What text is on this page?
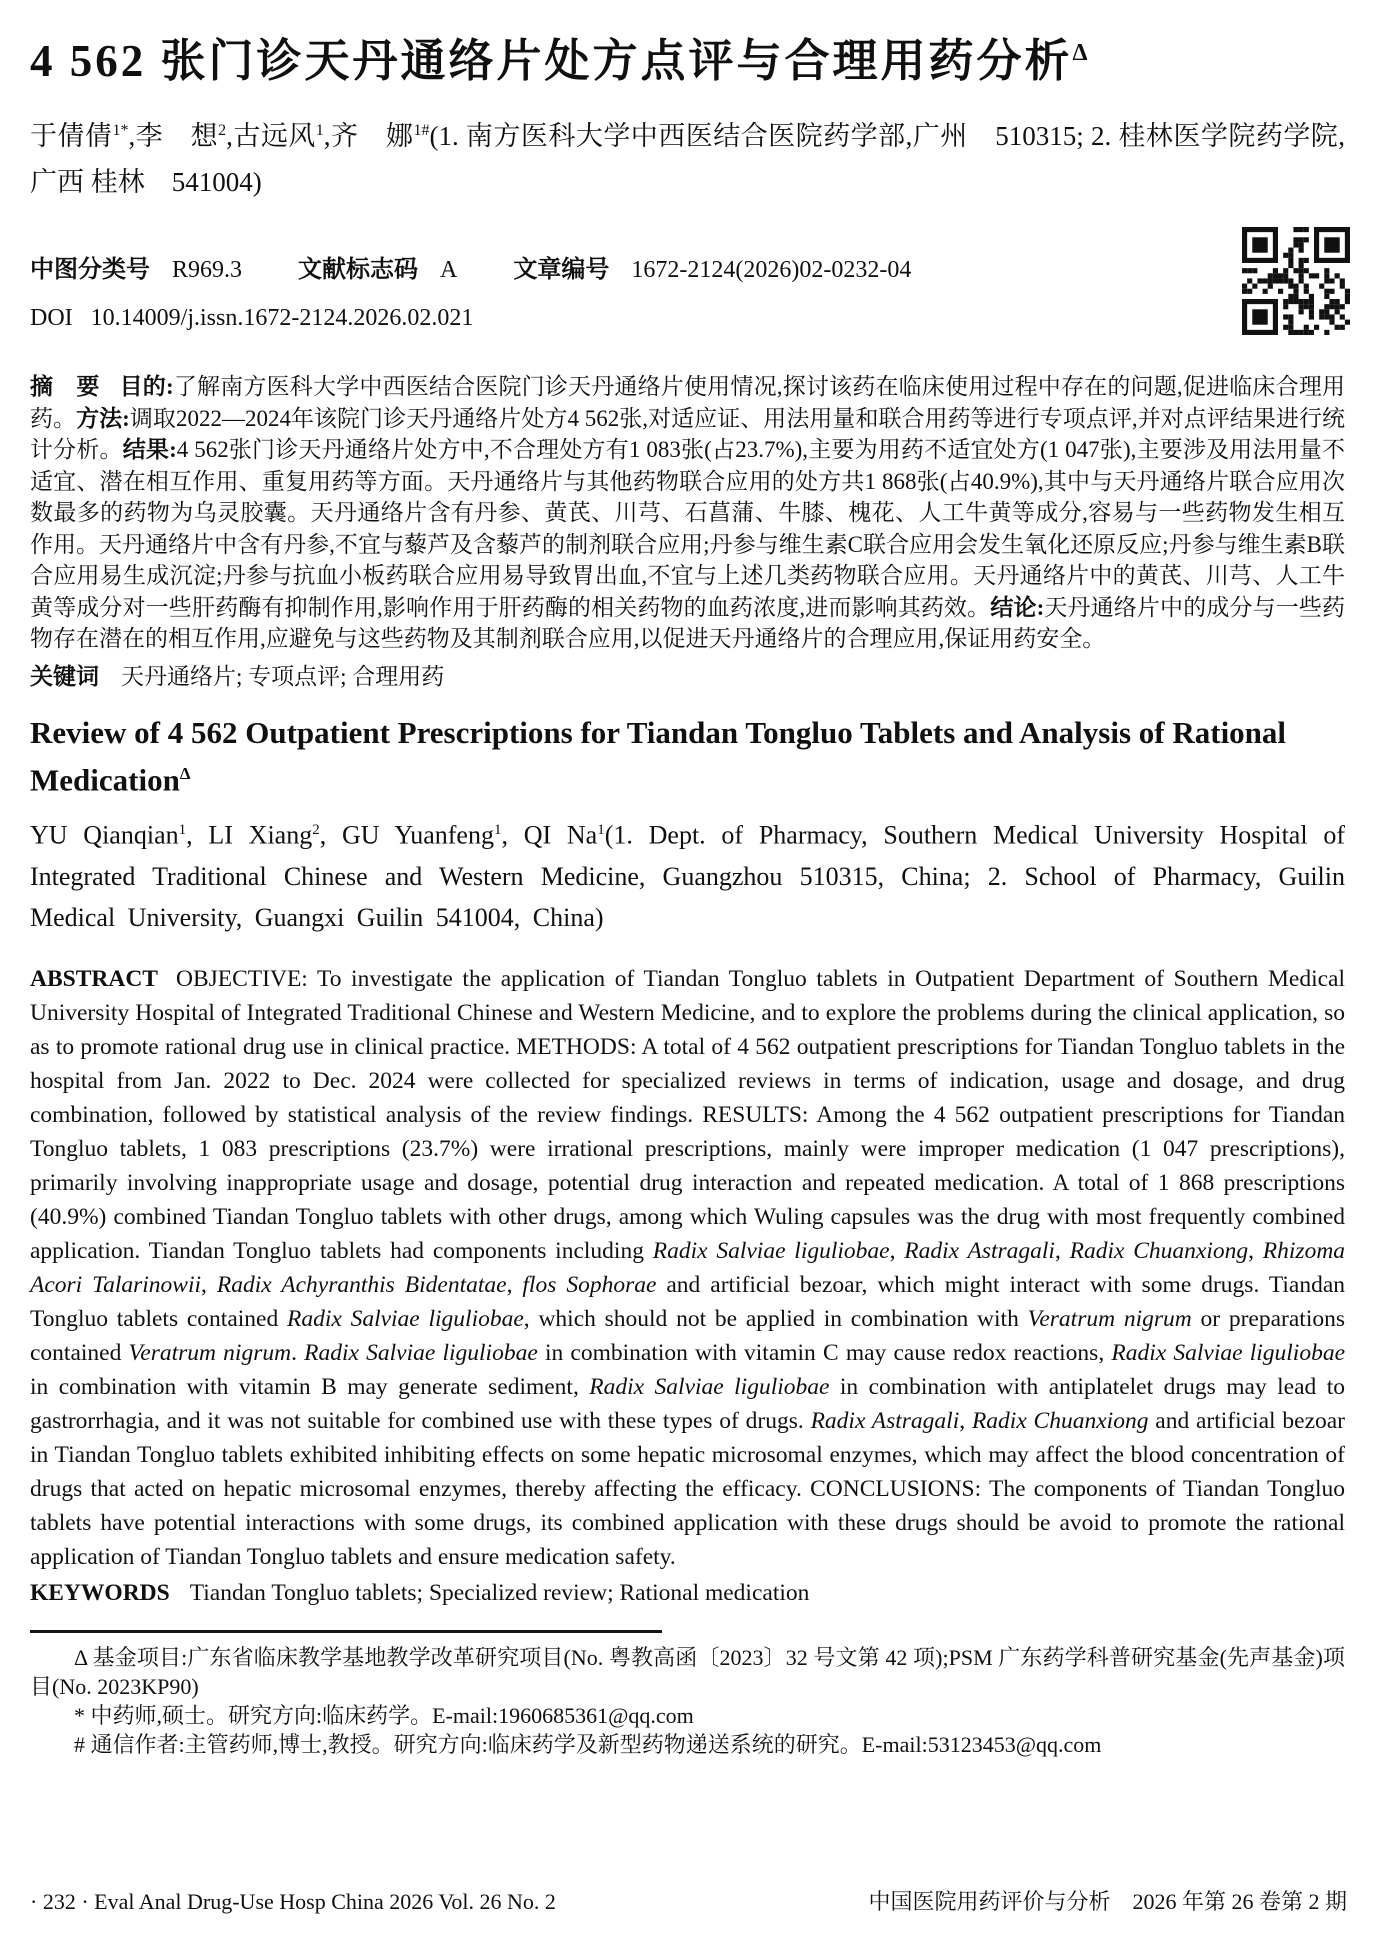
4 562 张门诊天丹通络片处方点评与合理用药分析$^\Delta$

于倩倩$^{1*}$,李　想$^2$,古远风$^1$,齐　娜$^{1\#}$(1. 南方医科大学中西医结合医院药学部,广州　510315; 2. 桂林医学院药学院,广西 桂林　541004)

中图分类号 R969.3 文献标志码 A 文章编号 1672-2124(2026)02-0232-04
DOI 10.14009/j.issn.1672-2124.2026.02.021

摘　要 目的:了解南方医科大学中西医结合医院门诊天丹通络片使用情况,探讨该药在临床使用过程中存在的问题,促进临床合理用药。方法:调取2022—2024年该院门诊天丹通络片处方4 562张,对适应证、用法用量和联合用药等进行专项点评,并对点评结果进行统计分析。结果:4 562张门诊天丹通络片处方中,不合理处方有1 083张(占23.7%),主要为用药不适宜处方(1 047张),主要涉及用法用量不适宜、潜在相互作用、重复用药等方面。天丹通络片与其他药物联合应用的处方共1 868张(占40.9%),其中与天丹通络片联合应用次数最多的药物为乌灵胶囊。天丹通络片含有丹参、黄芪、川芎、石菖蒲、牛膝、槐花、人工牛黄等成分,容易与一些药物发生相互作用。天丹通络片中含有丹参,不宜与藜芦及含藜芦的制剂联合应用;丹参与维生素C联合应用会发生氧化还原反应;丹参与维生素B联合应用易生成沉淀;丹参与抗血小板药联合应用易导致胃出血,不宜与上述几类药物联合应用。天丹通络片中的黄芪、川芎、人工牛黄等成分对一些肝药酶有抑制作用,影响作用于肝药酶的相关药物的血药浓度,进而影响其药效。结论:天丹通络片中的成分与一些药物存在潜在的相互作用,应避免与这些药物及其制剂联合应用,以促进天丹通络片的合理应用,保证用药安全。

关键词 天丹通络片; 专项点评; 合理用药

Review of 4 562 Outpatient Prescriptions for Tiandan Tongluo Tablets and Analysis of Rational Medication$^\Delta$

YU Qianqian$^1$, LI Xiang$^2$, GU Yuanfeng$^1$, QI Na$^1$(1. Dept. of Pharmacy, Southern Medical University Hospital of Integrated Traditional Chinese and Western Medicine, Guangzhou 510315, China; 2. School of Pharmacy, Guilin Medical University, Guangxi Guilin 541004, China)

ABSTRACT OBJECTIVE: To investigate the application of Tiandan Tongluo tablets in Outpatient Department of Southern Medical University Hospital of Integrated Traditional Chinese and Western Medicine, and to explore the problems during the clinical application, so as to promote rational drug use in clinical practice. METHODS: A total of 4 562 outpatient prescriptions for Tiandan Tongluo tablets in the hospital from Jan. 2022 to Dec. 2024 were collected for specialized reviews in terms of indication, usage and dosage, and drug combination, followed by statistical analysis of the review findings. RESULTS: Among the 4 562 outpatient prescriptions for Tiandan Tongluo tablets, 1 083 prescriptions (23.7%) were irrational prescriptions, mainly were improper medication (1 047 prescriptions), primarily involving inappropriate usage and dosage, potential drug interaction and repeated medication. A total of 1 868 prescriptions (40.9%) combined Tiandan Tongluo tablets with other drugs, among which Wuling capsules was the drug with most frequently combined application. Tiandan Tongluo tablets had components including Radix Salviae liguliobae, Radix Astragali, Radix Chuanxiong, Rhizoma Acori Talarinowii, Radix Achyranthis Bidentatae, flos Sophorae and artificial bezoar, which might interact with some drugs. Tiandan Tongluo tablets contained Radix Salviae liguliobae, which should not be applied in combination with Veratrum nigrum or preparations contained Veratrum nigrum. Radix Salviae liguliobae in combination with vitamin C may cause redox reactions, Radix Salviae liguliobae in combination with vitamin B may generate sediment, Radix Salviae liguliobae in combination with antiplatelet drugs may lead to gastrorrhagia, and it was not suitable for combined use with these types of drugs. Radix Astragali, Radix Chuanxiong and artificial bezoar in Tiandan Tongluo tablets exhibited inhibiting effects on some hepatic microsomal enzymes, which may affect the blood concentration of drugs that acted on hepatic microsomal enzymes, thereby affecting the efficacy. CONCLUSIONS: The components of Tiandan Tongluo tablets have potential interactions with some drugs, its combined application with these drugs should be avoid to promote the rational application of Tiandan Tongluo tablets and ensure medication safety.

KEYWORDS Tiandan Tongluo tablets; Specialized review; Rational medication

Δ 基金项目:广东省临床教学基地教学改革研究项目(No. 粤教高函〔2023〕32 号文第 42 项);PSM 广东药学科普研究基金(先声基金)项目(No. 2023KP90)

* 中药师,硕士。研究方向:临床药学。E-mail:1960685361@qq.com

# 通信作者:主管药师,博士,教授。研究方向:临床药学及新型药物递送系统的研究。E-mail:53123453@qq.com

· 232 · Eval Anal Drug-Use Hosp China 2026 Vol. 26 No. 2	中国医院用药评价与分析　2026 年第 26 卷第 2 期
